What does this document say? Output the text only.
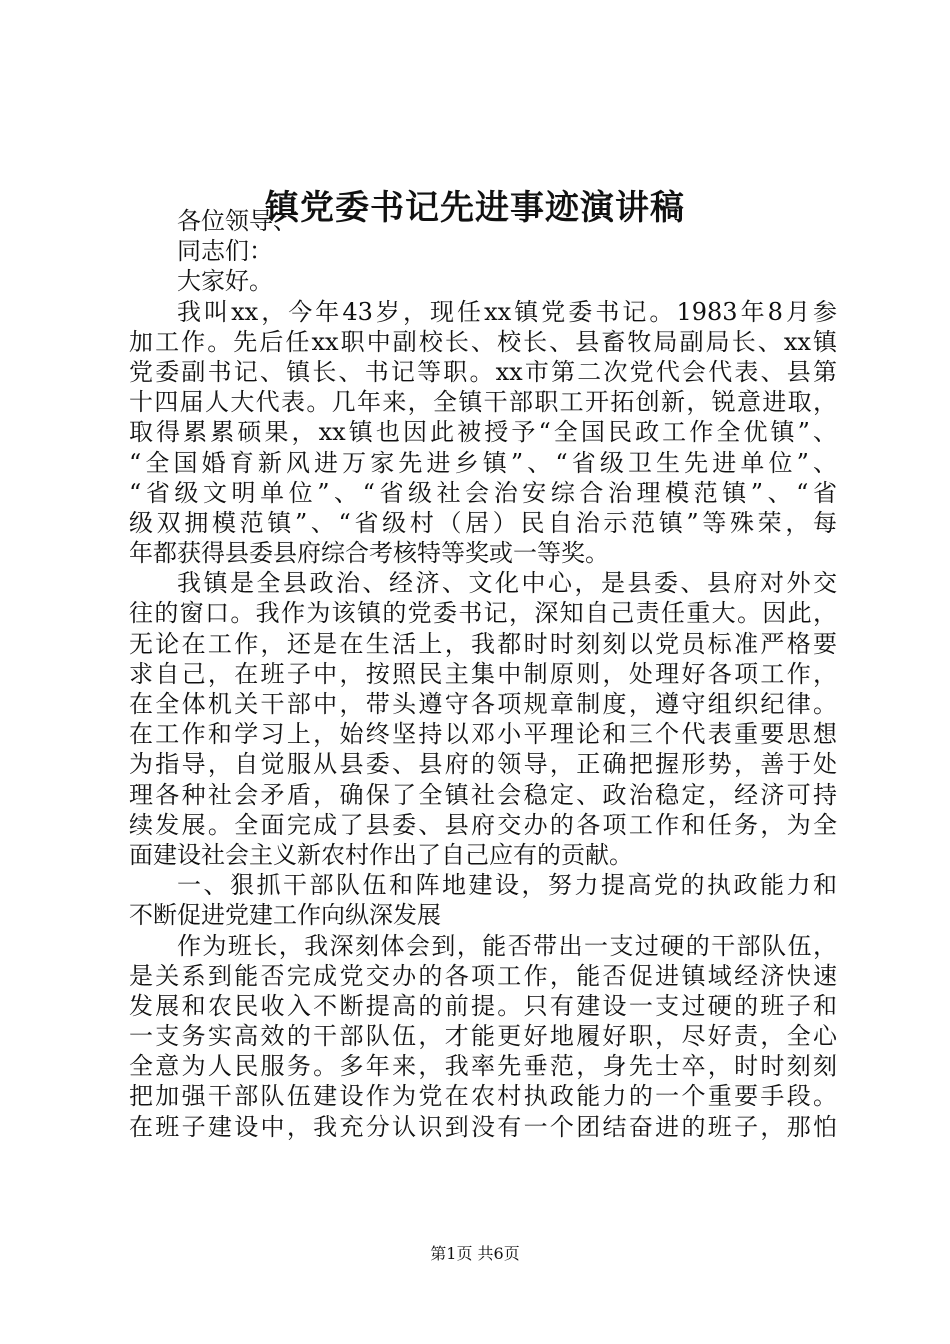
镇党委书记先进事迹演讲稿
各位领导、
同志们：
大家好。
我叫xx，今年43岁，现任xx镇党委书记。1983年8月参
加工作。先后任xx职中副校长、校长、县畜牧局副局长、xx镇
党委副书记、镇长、书记等职。xx市第二次党代会代表、县第
十四届人大代表。几年来，全镇干部职工开拓创新，锐意进取，
取得累累硕果，xx镇也因此被授予“全国民政工作全优镇”、
“全国婚育新风进万家先进乡镇”、“省级卫生先进单位”、
“省级文明单位”、“省级社会治安综合治理模范镇”、“省
级双拥模范镇”、“省级村（居）民自治示范镇”等殊荣，每
年都获得县委县府综合考核特等奖或一等奖。
我镇是全县政治、经济、文化中心，是县委、县府对外交
往的窗口。我作为该镇的党委书记，深知自己责任重大。因此，
无论在工作，还是在生活上，我都时时刻刻以党员标准严格要
求自己，在班子中，按照民主集中制原则，处理好各项工作，
在全体机关干部中，带头遵守各项规章制度，遵守组织纪律。
在工作和学习上，始终坚持以邓小平理论和三个代表重要思想
为指导，自觉服从县委、县府的领导，正确把握形势，善于处
理各种社会矛盾，确保了全镇社会稳定、政治稳定，经济可持
续发展。全面完成了县委、县府交办的各项工作和任务，为全
面建设社会主义新农村作出了自己应有的贡献。
一、狠抓干部队伍和阵地建设，努力提高党的执政能力和
不断促进党建工作向纵深发展
作为班长，我深刻体会到，能否带出一支过硬的干部队伍，
是关系到能否完成党交办的各项工作，能否促进镇域经济快速
发展和农民收入不断提高的前提。只有建设一支过硬的班子和
一支务实高效的干部队伍，才能更好地履好职，尽好责，全心
全意为人民服务。多年来，我率先垂范，身先士卒，时时刻刻
把加强干部队伍建设作为党在农村执政能力的一个重要手段。
在班子建设中，我充分认识到没有一个团结奋进的班子，那怕
第1页 共6页
